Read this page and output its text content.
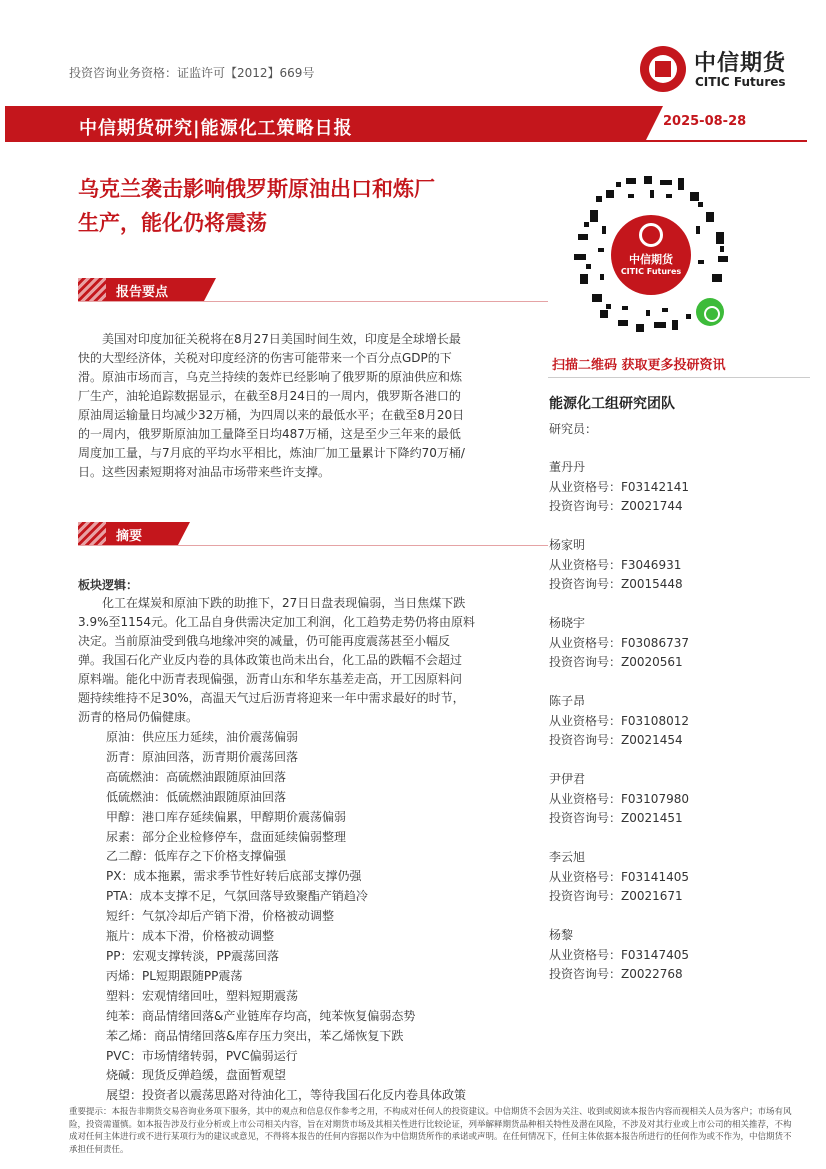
投资咨询业务资格：证监许可【2012】669号	中信期货
CITIC Futures
中信期货研究|能源化工策略日报	2025-08-28
乌克兰袭击影响俄罗斯原油出口和炼厂
生产，能化仍将震荡
报告要点
美国对印度加征关税将在8月27日美国时间生效，印度是全球增长最
快的大型经济体，关税对印度经济的伤害可能带来一个百分点GDP的下
滑。原油市场而言，乌克兰持续的轰炸已经影响了俄罗斯的原油供应和炼
厂生产，油轮追踪数据显示，在截至8月24日的一周内，俄罗斯各港口的
原油周运输量日均减少32万桶，为四周以来的最低水平；在截至8月20日
的一周内，俄罗斯原油加工量降至日均487万桶，这是至少三年来的最低
周度加工量，与7月底的平均水平相比，炼油厂加工量累计下降约70万桶/
日。这些因素短期将对油品市场带来些许支撑。
摘要
板块逻辑：
化工在煤炭和原油下跌的助推下，27日日盘表现偏弱，当日焦煤下跌
3.9%至1154元。化工品自身供需决定加工利润，化工趋势走势仍将由原料
决定。当前原油受到俄乌地缘冲突的减量，仍可能再度震荡甚至小幅反
弹。我国石化产业反内卷的具体政策也尚未出台，化工品的跌幅不会超过
原料端。能化中沥青表现偏强，沥青山东和华东基差走高，开工因原料问
题持续维持不足30%，高温天气过后沥青将迎来一年中需求最好的时节，
沥青的格局仍偏健康。
原油：供应压力延续，油价震荡偏弱
沥青：原油回落，沥青期价震荡回落
高硫燃油：高硫燃油跟随原油回落
低硫燃油：低硫燃油跟随原油回落
甲醇：港口库存延续偏累，甲醇期价震荡偏弱
尿素：部分企业检修停车，盘面延续偏弱整理
乙二醇：低库存之下价格支撑偏强
PX：成本拖累，需求季节性好转后底部支撑仍强
PTA：成本支撑不足，气氛回落导致聚酯产销趋冷
短纤：气氛冷却后产销下滑，价格被动调整
瓶片：成本下滑，价格被动调整
PP：宏观支撑转淡，PP震荡回落
丙烯：PL短期跟随PP震荡
塑料：宏观情绪回吐，塑料短期震荡
纯苯：商品情绪回落&产业链库存均高，纯苯恢复偏弱态势
苯乙烯：商品情绪回落&库存压力突出，苯乙烯恢复下跌
PVC：市场情绪转弱，PVC偏弱运行
烧碱：现货反弹趋缓，盘面暂观望
展望：投资者以震荡思路对待油化工，等待我国石化反内卷具体政策
中信期货
CITIC Futures
扫描二维码 获取更多投研资讯
能源化工组研究团队
研究员：
董丹丹
从业资格号：F03142141
投资咨询号：Z0021744
杨家明
从业资格号：F3046931
投资咨询号：Z0015448
杨晓宇
从业资格号：F03086737
投资咨询号：Z0020561
陈子昂
从业资格号：F03108012
投资咨询号：Z0021454
尹伊君
从业资格号：F03107980
投资咨询号：Z0021451
李云旭
从业资格号：F03141405
投资咨询号：Z0021671
杨黎
从业资格号：F03147405
投资咨询号：Z0022768
重要提示：本报告非期货交易咨询业务项下服务，其中的观点和信息仅作参考之用，不构成对任何人的投资建议。中信期货不会因为关注、收到或阅读本报告内容而视相关人员为客户；市场有风险，投资需谨慎。如本报告涉及行业分析或上市公司相关内容，旨在对期货市场及其相关性进行比较论证，列举解释期货品种相关特性及潜在风险，不涉及对其行业或上市公司的相关推荐，不构成对任何主体进行或不进行某项行为的建议或意见，不得将本报告的任何内容据以作为中信期货所作的承诺或声明。在任何情况下，任何主体依据本报告所进行的任何作为或不作为，中信期货不承担任何责任。
